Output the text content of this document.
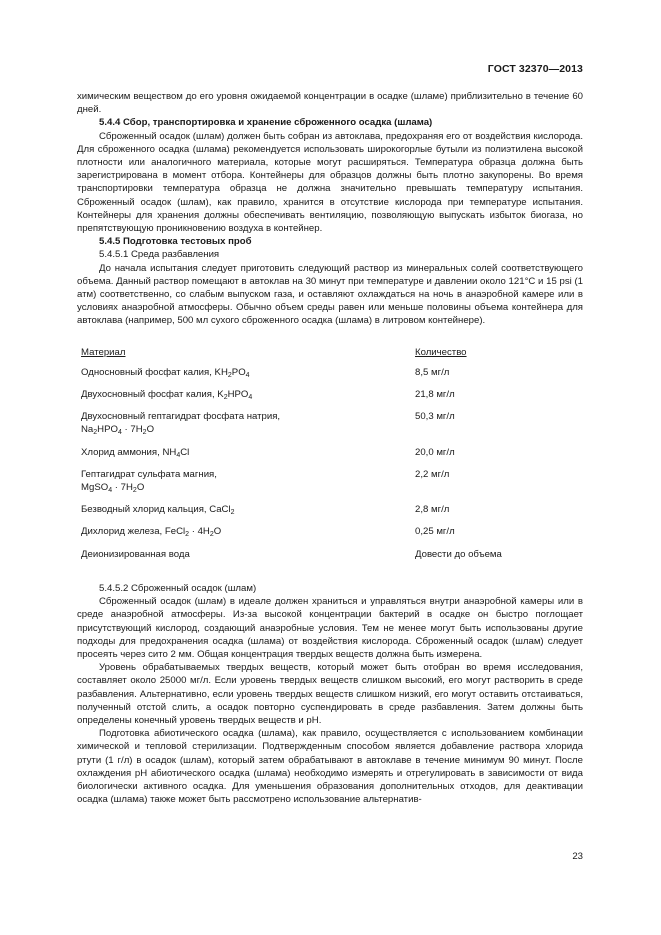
ГОСТ 32370—2013

химическим веществом до его уровня ожидаемой концентрации в осадке (шламе) приблизительно в течение 60 дней.

5.4.4 Сбор, транспортировка и хранение сброженного осадка (шлама)

Сброженный осадок (шлам) должен быть собран из автоклава, предохраняя его от воздействия кислорода. Для сброженного осадка (шлама) рекомендуется использовать широкогорлые бутыли из полиэтилена высокой плотности или аналогичного материала, которые могут расширяться. Температура образца должна быть зарегистрирована в момент отбора. Контейнеры для образцов должны быть плотно закупорены. Во время транспортировки температура образца не должна значительно превышать температуру испытания. Сброженный осадок (шлам), как правило, хранится в отсутствие кислорода при температуре испытания. Контейнеры для хранения должны обеспечивать вентиляцию, позволяющую выпускать избыток биогаза, но препятствующую проникновению воздуха в контейнер.

5.4.5 Подготовка тестовых проб

5.4.5.1 Среда разбавления

До начала испытания следует приготовить следующий раствор из минеральных солей соответствующего объема. Данный раствор помещают в автоклав на 30 минут при температуре и давлении около 121°C и 15 psi (1 атм) соответственно, со слабым выпуском газа, и оставляют охлаждаться на ночь в анаэробной камере или в условиях анаэробной атмосферы. Обычно объем среды равен или меньше половины объема контейнера для автоклава (например, 500 мл сухого сброженного осадка (шлама) в литровом контейнере).

Материал	Количество
Односновный фосфат калия, $KH_2PO_4$	8,5 мг/л
Двухосновный фосфат калия, $K_2HPO_4$	21,8 мг/л
Двухосновный гептагидрат фосфата натрия,
$Na_2HPO_4 \cdot 7H_2O$	50,3 мг/л
Хлорид аммония, $NH_4Cl$	20,0 мг/л
Гептагидрат сульфата магния,
MgSO$_4$ · $7H_2O$	2,2 мг/л
Безводный хлорид кальция, CaCl$_2$	2,8 мг/л
Дихлорид железа, FeCl$_2$ · $4H_2O$	0,25 мг/л
Деионизированная вода	Довести до объема

5.4.5.2 Сброженный осадок (шлам)

Сброженный осадок (шлам) в идеале должен храниться и управляться внутри анаэробной камеры или в среде анаэробной атмосферы. Из-за высокой концентрации бактерий в осадке он быстро поглощает присутствующий кислород, создающий анаэробные условия. Тем не менее могут быть использованы другие подходы для предохранения осадка (шлама) от воздействия кислорода. Сброженный осадок (шлам) следует просеять через сито 2 мм. Общая концентрация твердых веществ должна быть измерена.

Уровень обрабатываемых твердых веществ, который может быть отобран во время исследования, составляет около 25000 мг/л. Если уровень твердых веществ слишком высокий, его могут растворить в среде разбавления. Альтернативно, если уровень твердых веществ слишком низкий, его могут оставить отстаиваться, полученный отстой слить, а осадок повторно суспендировать в среде разбавления. Затем должны быть определены конечный уровень твердых веществ и pH.

Подготовка абиотического осадка (шлама), как правило, осуществляется с использованием комбинации химической и тепловой стерилизации. Подтвержденным способом является добавление раствора хлорида ртути (1 г/л) в осадок (шлам), который затем обрабатывают в автоклаве в течение минимум 90 минут. После охлаждения pH абиотического осадка (шлама) необходимо измерять и отрегулировать в зависимости от вида биологически активного осадка. Для уменьшения образования дополнительных отходов, для деактивации осадка (шлама) также может быть рассмотрено использование альтернатив-

23
